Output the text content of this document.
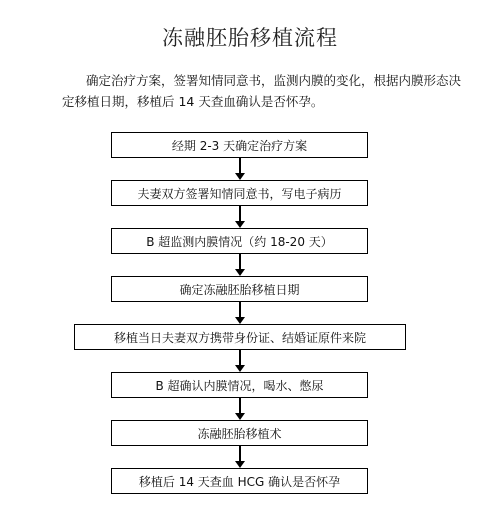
冻融胚胎移植流程
确定治疗方案，签署知情同意书，监测内膜的变化，根据内膜形态决定移植日期，移植后 14 天查血确认是否怀孕。
经期 2-3 天确定治疗方案
夫妻双方签署知情同意书，写电子病历
B 超监测内膜情况（约 18-20 天）
确定冻融胚胎移植日期
移植当日夫妻双方携带身份证、结婚证原件来院
B 超确认内膜情况，喝水、憋尿
冻融胚胎移植术
移植后 14 天查血 HCG 确认是否怀孕
